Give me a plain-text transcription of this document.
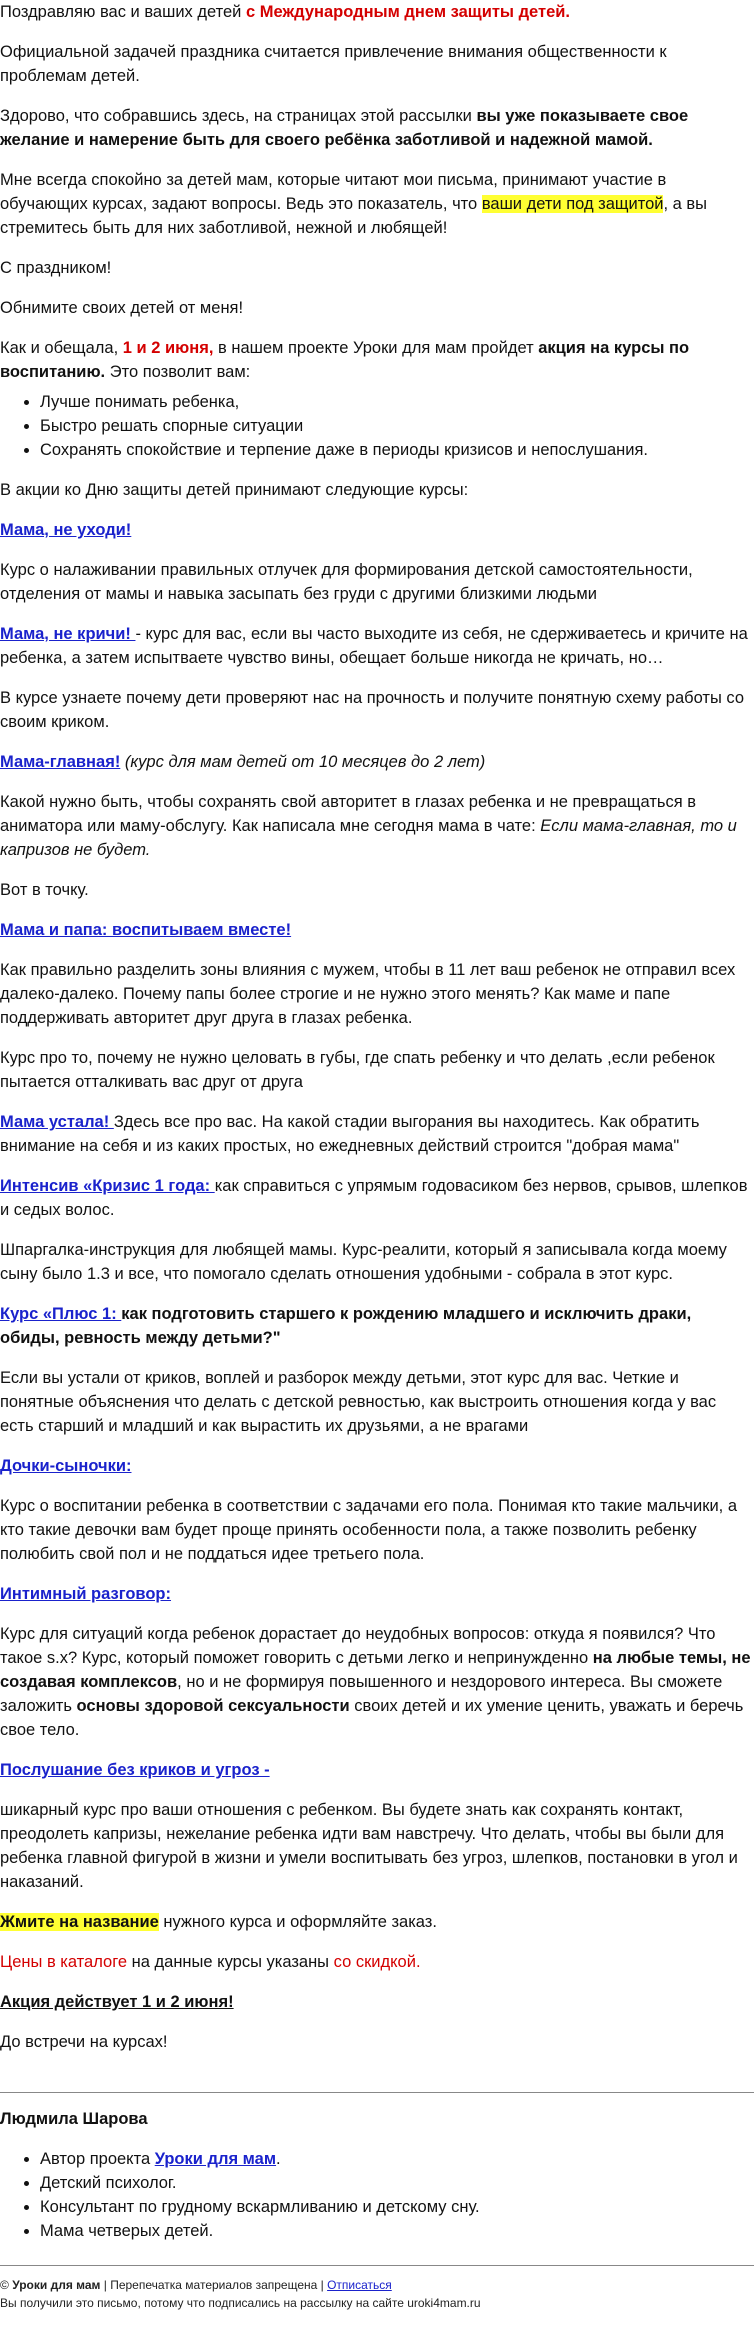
Поздравляю вас и ваших детей с Международным днем защиты детей.

Официальной задачей праздника считается привлечение внимания общественности к проблемам детей.

Здорово, что собравшись здесь, на страницах этой рассылки вы уже показываете свое желание и намерение быть для своего ребёнка заботливой и надежной мамой.

Мне всегда спокойно за детей мам, которые читают мои письма, принимают участие в обучающих курсах, задают вопросы. Ведь это показатель, что ваши дети под защитой, а вы стремитесь быть для них заботливой, нежной и любящей!

С праздником!

Обнимите своих детей от меня!

Как и обещала, 1 и 2 июня, в нашем проекте Уроки для мам пройдет акция на курсы по воспитанию. Это позволит вам:

• Лучше понимать ребенка,
• Быстро решать спорные ситуации
• Сохранять спокойствие и терпение даже в периоды кризисов и непослушания.

В акции ко Дню защиты детей принимают следующие курсы:

Мама, не уходи!

Курс о налаживании правильных отлучек для формирования детской самостоятельности, отделения от мамы и навыка засыпать без груди с другими близкими людьми

Мама, не кричи! - курс для вас, если вы часто выходите из себя, не сдерживаетесь и кричите на ребенка, а затем испытваете чувство вины, обещает больше никогда не кричать, но…

В курсе узнаете почему дети проверяют нас на прочность и получите понятную схему работы со своим криком.

Мама-главная! (курс для мам детей от 10 месяцев до 2 лет)

Какой нужно быть, чтобы сохранять свой авторитет в глазах ребенка и не превращаться в аниматора или маму-обслугу. Как написала мне сегодня мама в чате: Если мама-главная, то и капризов не будет.

Вот в точку.

Мама и папа: воспитываем вместе!

Как правильно разделить зоны влияния с мужем, чтобы в 11 лет ваш ребенок не отправил всех далеко-далеко. Почему папы более строгие и не нужно этого менять? Как маме и папе поддерживать авторитет друг друга в глазах ребенка.

Курс про то, почему не нужно целовать в губы, где спать ребенку и что делать ,если ребенок пытается отталкивать вас друг от друга

Мама устала! Здесь все про вас. На какой стадии выгорания вы находитесь. Как обратить внимание на себя и из каких простых, но ежедневных действий строится "добрая мама"

Интенсив «Кризис 1 года: как справиться с упрямым годовасиком без нервов, срывов, шлепков и седых волос.

Шпаргалка-инструкция для любящей мамы. Курс-реалити, который я записывала когда моему сыну было 1.3 и все, что помогало сделать отношения удобными - собрала в этот курс.

Курс «Плюс 1: как подготовить старшего к рождению младшего и исключить драки, обиды, ревность между детьми?"

Если вы устали от криков, воплей и разборок между детьми, этот курс для вас. Четкие и понятные объяснения что делать с детской ревностью, как выстроить отношения когда у вас есть старший и младший и как вырастить их друзьями, а не врагами

Дочки-сыночки:

Курс о воспитании ребенка в соответствии с задачами его пола. Понимая кто такие мальчики, а кто такие девочки вам будет проще принять особенности пола, а также позволить ребенку полюбить свой пол и не поддаться идее третьего пола.

Интимный разговор:

Курс для ситуаций когда ребенок дорастает до неудобных вопросов: откуда я появился? Что такое s.x? Курс, который поможет говорить с детьми легко и непринужденно на любые темы, не создавая комплексов, но и не формируя повышенного и нездорового интереса. Вы сможете заложить основы здоровой сексуальности своих детей и их умение ценить, уважать и беречь свое тело.

Послушание без криков и угроз -

шикарный курс про ваши отношения с ребенком. Вы будете знать как сохранять контакт, преодолеть капризы, нежелание ребенка идти вам навстречу. Что делать, чтобы вы были для ребенка главной фигурой в жизни и умели воспитывать без угроз, шлепков, постановки в угол и наказаний.

Жмите на название нужного курса и оформляйте заказ.

Цены в каталоге на данные курсы указаны со скидкой.

Акция действует 1 и 2 июня!

До встречи на курсах!

Людмила Шарова

• Автор проекта Уроки для мам.
• Детский психолог.
• Консультант по грудному вскармливанию и детскому сну.
• Мама четверых детей.
© Уроки для мам | Перепечатка материалов запрещена | Отписаться
Вы получили это письмо, потому что подписались на рассылку на сайте uroki4mam.ru
